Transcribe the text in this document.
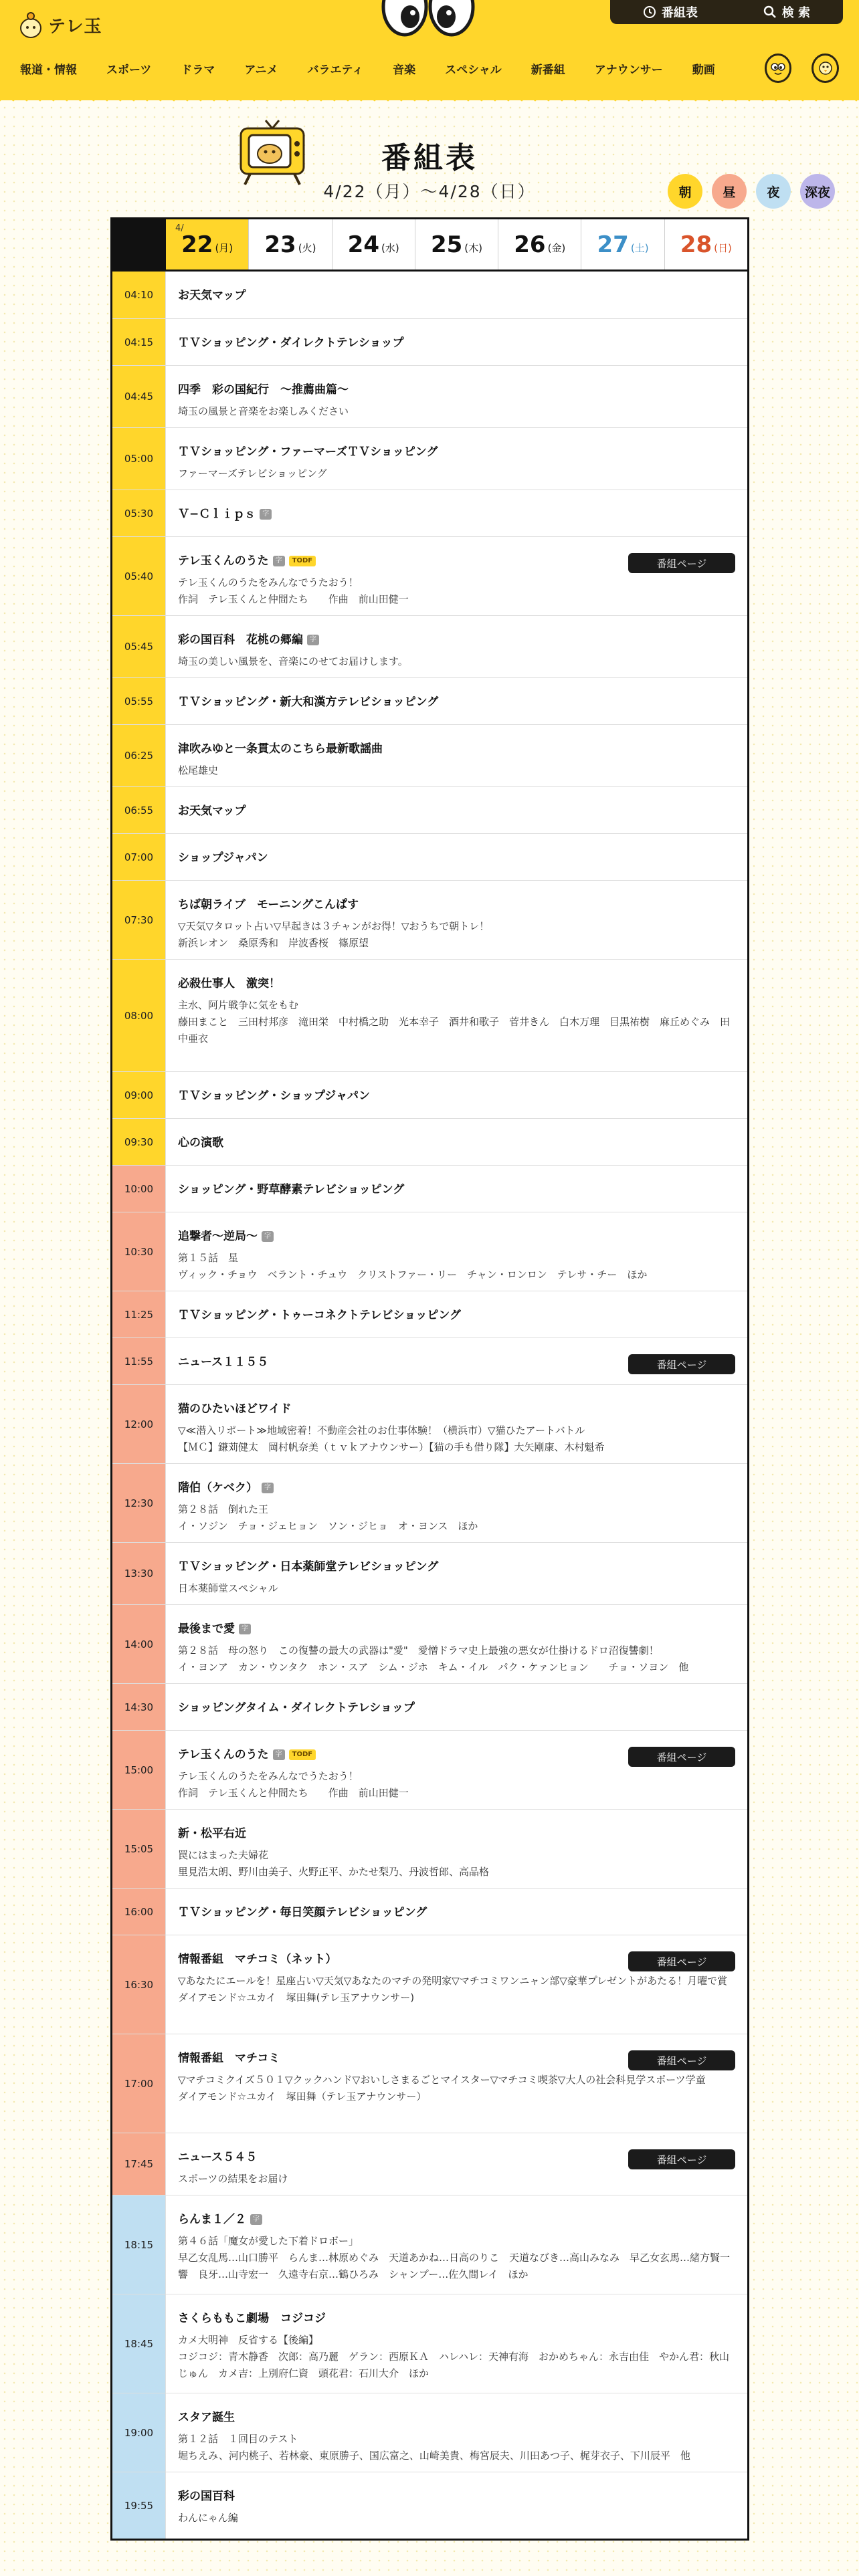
テレ玉
番組表	検 索
報道・情報	スポーツ	ドラマ	アニメ	バラエティ	音楽	スペシャル	新番組	アナウンサー	動画
番組表
4/22（月）〜4/28（日）	朝	昼	夜	深夜
4/
22 (月) 23 (火) 24 (水) 25 (木) 26 (金) 27 (土) 28 (日)
04:10	お天気マップ
04:15	ＴＶショッピング・ダイレクトテレショップ
04:45	四季　彩の国紀行　〜推薦曲篇〜
埼玉の風景と音楽をお楽しみください
05:00	ＴＶショッピング・ファーマーズＴＶショッピング
ファーマーズテレビショッピング
05:30	Ｖ−Ｃｌｉｐｓ	字
05:40
テレ玉くんのうた	字	TODF
テレ玉くんのうたをみんなでうたおう！
作詞　テレ玉くんと仲間たち　　作曲　前山田健一
番組ページ
05:45	彩の国百科　花桃の郷編	字
埼玉の美しい風景を、音楽にのせてお届けします。
05:55	ＴＶショッピング・新大和漢方テレビショッピング
06:25	津吹みゆと一条貫太のこちら最新歌謡曲
松尾雄史
06:55	お天気マップ
07:00	ショップジャパン
07:30
ちば朝ライブ　モーニングこんぱす
▽天気▽タロット占い▽早起きは３チャンがお得！▽おうちで朝トレ！
新浜レオン　桑原秀和　岸波香桜　篠原望
08:00
必殺仕事人　激突！
主水、阿片戦争に気をもむ
藤田まこと　三田村邦彦　滝田栄　中村橋之助　光本幸子　酒井和歌子　菅井きん　白木万理　目黒祐樹　麻丘めぐみ　田中亜衣
09:00	ＴＶショッピング・ショップジャパン
09:30	心の演歌
10:00	ショッピング・野草酵素テレビショッピング
10:30
追撃者〜逆局〜	字
第１５話　星
ヴィック・チョウ　ベラント・チュウ　クリストファー・リー　チャン・ロンロン　テレサ・チー　ほか
11:25	ＴＶショッピング・トゥーコネクトテレビショッピング
11:55	ニュース１１５５	番組ページ
12:00
猫のひたいほどワイド
▽≪潜入リポート≫地域密着！不動産会社のお仕事体験！（横浜市）▽猫ひたアートバトル
【ＭＣ】鎌苅健太　岡村帆奈美（ｔｖｋアナウンサー）【猫の手も借り隊】大矢剛康、木村魁希
12:30
階伯（ケベク）	字
第２８話　倒れた王
イ・ソジン　チョ・ジェヒョン　ソン・ジヒョ　オ・ヨンス　ほか
13:30	ＴＶショッピング・日本薬師堂テレビショッピング
日本薬師堂スペシャル
14:00
最後まで愛	字
第２８話　母の怒り　この復讐の最大の武器は"愛"　愛憎ドラマ史上最強の悪女が仕掛けるドロ沼復讐劇！
イ・ヨンア　カン・ウンタク　ホン・スア　シム・ジホ　キム・イル　パク・ケァンヒョン　　チョ・ソヨン　他
14:30	ショッピングタイム・ダイレクトテレショップ
15:00
テレ玉くんのうた	字	TODF
テレ玉くんのうたをみんなでうたおう！
作詞　テレ玉くんと仲間たち　　作曲　前山田健一
番組ページ
15:05
新・松平右近
罠にはまった夫婦花
里見浩太朗、野川由美子、火野正平、かたせ梨乃、丹波哲郎、高品格
16:00	ＴＶショッピング・毎日笑顔テレビショッピング
16:30
情報番組　マチコミ（ネット）
▽あなたにエールを！星座占い▽天気▽あなたのマチの発明家▽マチコミワンニャン部▽豪華プレゼントがあたる！月曜で賞
ダイアモンド☆ユカイ　塚田舞(テレ玉アナウンサー)
番組ページ
17:00
情報番組　マチコミ
▽マチコミクイズ５０１▽クックハンド▽おいしさまるごとマイスター▽マチコミ喫茶▽大人の社会科見学スポーツ学童
ダイアモンド☆ユカイ　塚田舞（テレ玉アナウンサー）
番組ページ
17:45	ニュース５４５
スポーツの結果をお届け
番組ページ
18:15
らんま１／２	字
第４６話「魔女が愛した下着ドロボー」
早乙女乱馬…山口勝平　らんま…林原めぐみ　天道あかね…日高のりこ　天道なびき…高山みなみ　早乙女玄馬…緒方賢一　響　良牙…山寺宏一　久遠寺右京…鶴ひろみ　シャンプー…佐久間レイ　ほか
18:45
さくらももこ劇場　コジコジ
カメ大明神　反省する【後編】
コジコジ：青木静香　次郎：高乃麗　ゲラン：西原ＫＡ　ハレハレ：天神有海　おかめちゃん：永吉由佳　やかん君：秋山じゅん　カメ吉：上別府仁資　頭花君：石川大介　ほか
19:00
スタア誕生
第１２話　１回目のテスト
堀ちえみ、河内桃子、若林豪、東原勝子、国広富之、山崎美貴、梅宮辰夫、川田あつ子、梶芽衣子、下川辰平　他
19:55
彩の国百科
わんにゃん編
